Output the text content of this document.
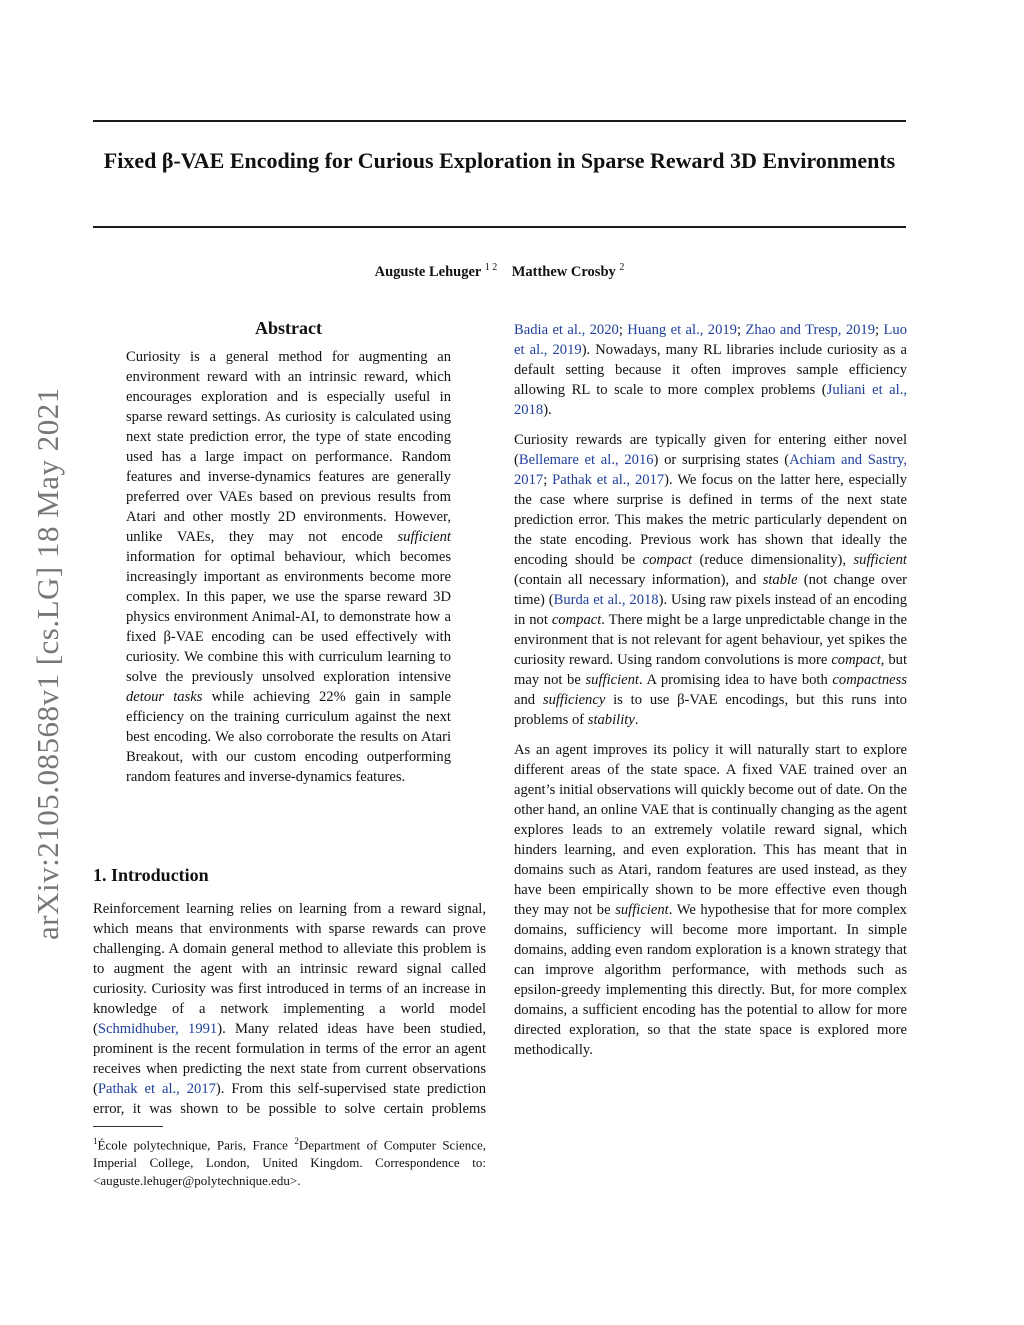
Fixed β-VAE Encoding for Curious Exploration in Sparse Reward 3D Environments
Auguste Lehuger $^{1 2}$ Matthew Crosby $^2$
arXiv:2105.08568v1 [cs.LG] 18 May 2021
Abstract

Curiosity is a general method for augmenting an environment reward with an intrinsic reward, which encourages exploration and is especially useful in sparse reward settings. As curiosity is calculated using next state prediction error, the type of state encoding used has a large impact on performance. Random features and inverse-dynamics features are generally preferred over VAEs based on previous results from Atari and other mostly 2D environments. However, unlike VAEs, they may not encode sufficient information for optimal behaviour, which becomes increasingly important as environments become more complex. In this paper, we use the sparse reward 3D physics environment Animal-AI, to demonstrate how a fixed β-VAE encoding can be used effectively with curiosity. We combine this with curriculum learning to solve the previously unsolved exploration intensive detour tasks while achieving 22% gain in sample efficiency on the training curriculum against the next best encoding. We also corroborate the results on Atari Breakout, with our custom encoding outperforming random features and inverse-dynamics features.

1. Introduction

Reinforcement learning relies on learning from a reward signal, which means that environments with sparse rewards can prove challenging. A domain general method to alleviate this problem is to augment the agent with an intrinsic reward signal called curiosity. Curiosity was first introduced in terms of an increase in knowledge of a network implementing a world model (Schmidhuber, 1991). Many related ideas have been studied, prominent is the recent formulation in terms of the error an agent receives when predicting the next state from current observations (Pathak et al., 2017). From this self-supervised state prediction error, it was shown to be possible to solve certain problems

$^1$École polytechnique, Paris, France $^2$Department of Computer Science, Imperial College, London, United Kingdom. Correspondence to: <auguste.lehuger@polytechnique.edu>.

Badia et al., 2020; Huang et al., 2019; Zhao and Tresp, 2019; Luo et al., 2019). Nowadays, many RL libraries include curiosity as a default setting because it often improves sample efficiency allowing RL to scale to more complex problems (Juliani et al., 2018).

Curiosity rewards are typically given for entering either novel (Bellemare et al., 2016) or surprising states (Achiam and Sastry, 2017; Pathak et al., 2017). We focus on the latter here, especially the case where surprise is defined in terms of the next state prediction error. This makes the metric particularly dependent on the state encoding. Previous work has shown that ideally the encoding should be compact (reduce dimensionality), sufficient (contain all necessary information), and stable (not change over time) (Burda et al., 2018). Using raw pixels instead of an encoding in not compact. There might be a large unpredictable change in the environment that is not relevant for agent behaviour, yet spikes the curiosity reward. Using random convolutions is more compact, but may not be sufficient. A promising idea to have both compactness and sufficiency is to use β-VAE encodings, but this runs into problems of stability.

As an agent improves its policy it will naturally start to explore different areas of the state space. A fixed VAE trained over an agent’s initial observations will quickly become out of date. On the other hand, an online VAE that is continually changing as the agent explores leads to an extremely volatile reward signal, which hinders learning, and even exploration. This has meant that in domains such as Atari, random features are used instead, as they have been empirically shown to be more effective even though they may not be sufficient. We hypothesise that for more complex domains, sufficiency will become more important. In simple domains, adding even random exploration is a known strategy that can improve algorithm performance, with methods such as epsilon-greedy implementing this directly. But, for more complex domains, a sufficient encoding has the potential to allow for more directed exploration, so that the state space is explored more methodically.
